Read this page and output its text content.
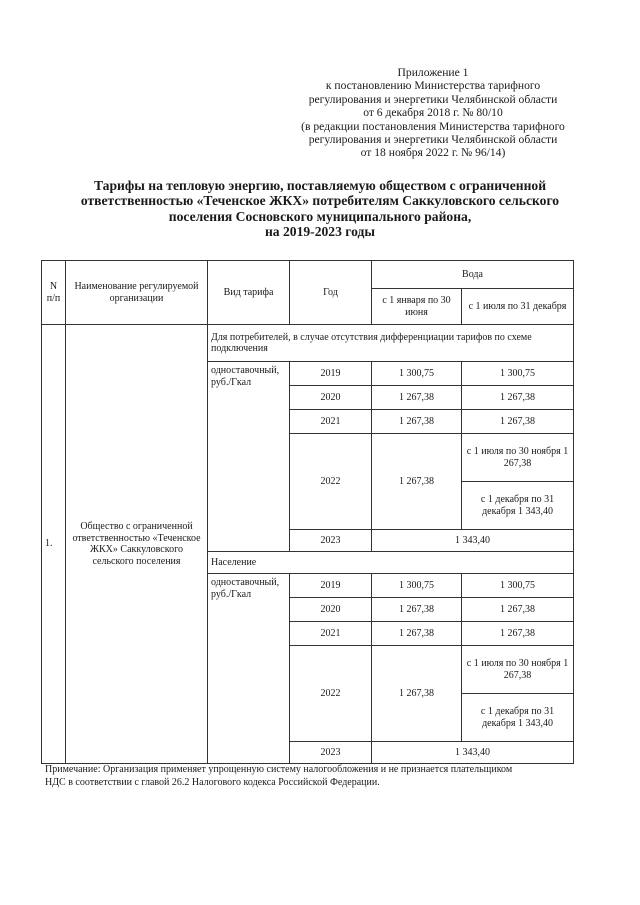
Приложение 1
к постановлению Министерства тарифного
регулирования и энергетики Челябинской области
от 6 декабря 2018 г. № 80/10
(в редакции постановления Министерства тарифного
регулирования и энергетики Челябинской области
от 18 ноября 2022 г. № 96/14)
Тарифы на тепловую энергию, поставляемую обществом с ограниченной
ответственностью «Теченское ЖКХ» потребителям Саккуловского сельского
поселения Сосновского муниципального района,
на 2019-2023 годы
N п/п	Наименование регулируемой организации	Вид тарифа	Год	Вода	
				с 1 января по 30 июня	с 1 июля по 31 декабря
1.	Общество с ограниченной ответственностью «Теченское ЖКХ» Саккуловского сельского поселения	Для потребителей, в случае отсутствия дифференциации тарифов по схеме подключения			
		одноставочный, руб./Гкал	2019	1 300,75	1 300,75
			2020	1 267,38	1 267,38
			2021	1 267,38	1 267,38
			2022	1 267,38	с 1 июля по 30 ноября 1 267,38
					с 1 декабря по 31 декабря 1 343,40
			2023	1 343,40	
		Население			
		одноставочный, руб./Гкал	2019	1 300,75	1 300,75
			2020	1 267,38	1 267,38
			2021	1 267,38	1 267,38
			2022	1 267,38	с 1 июля по 30 ноября 1 267,38
					с 1 декабря по 31 декабря 1 343,40
			2023	1 343,40	
Примечание: Организация применяет упрощенную систему налогообложения и не признается плательщиком
НДС в соответствии с главой 26.2 Налогового кодекса Российской Федерации.
